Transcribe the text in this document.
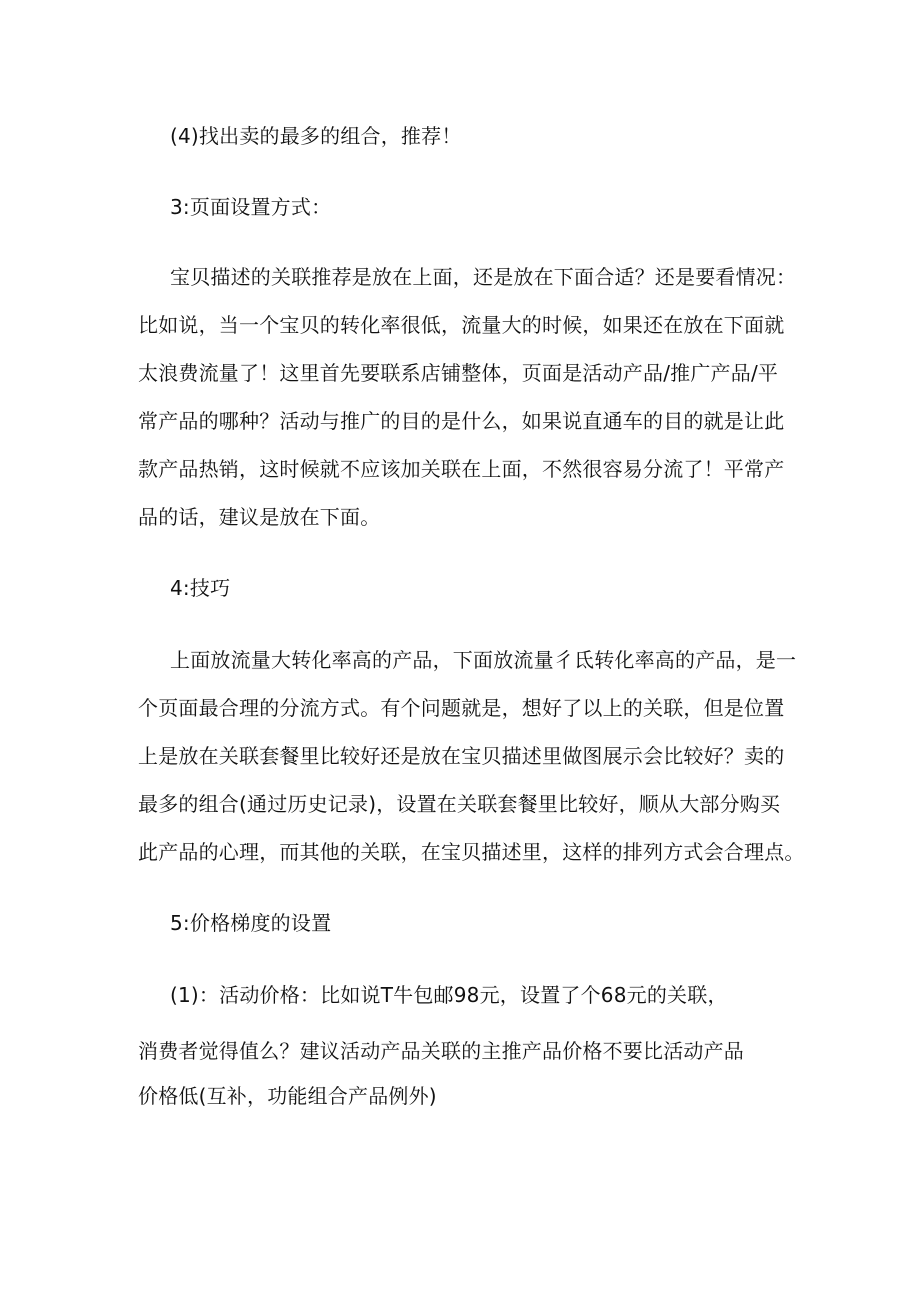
(4)找出卖的最多的组合，推荐！
3:页面设置方式：
宝贝描述的关联推荐是放在上面，还是放在下面合适？还是要看情况：
比如说，当一个宝贝的转化率很低，流量大的时候，如果还在放在下面就
太浪费流量了！这里首先要联系店铺整体，页面是活动产品/推广产品/平
常产品的哪种？活动与推广的目的是什么，如果说直通车的目的就是让此
款产品热销，这时候就不应该加关联在上面，不然很容易分流了！平常产
品的话，建议是放在下面。
4:技巧
上面放流量大转化率高的产品，下面放流量彳氐转化率高的产品，是一
个页面最合理的分流方式。有个问题就是，想好了以上的关联，但是位置
上是放在关联套餐里比较好还是放在宝贝描述里做图展示会比较好？卖的
最多的组合(通过历史记录)，设置在关联套餐里比较好，顺从大部分购买
此产品的心理，而其他的关联，在宝贝描述里，这样的排列方式会合理点。
5:价格梯度的设置
(1)：活动价格：比如说T牛包邮98元，设置了个68元的关联，
消费者觉得值么？建议活动产品关联的主推产品价格不要比活动产品
价格低(互补，功能组合产品例外)
